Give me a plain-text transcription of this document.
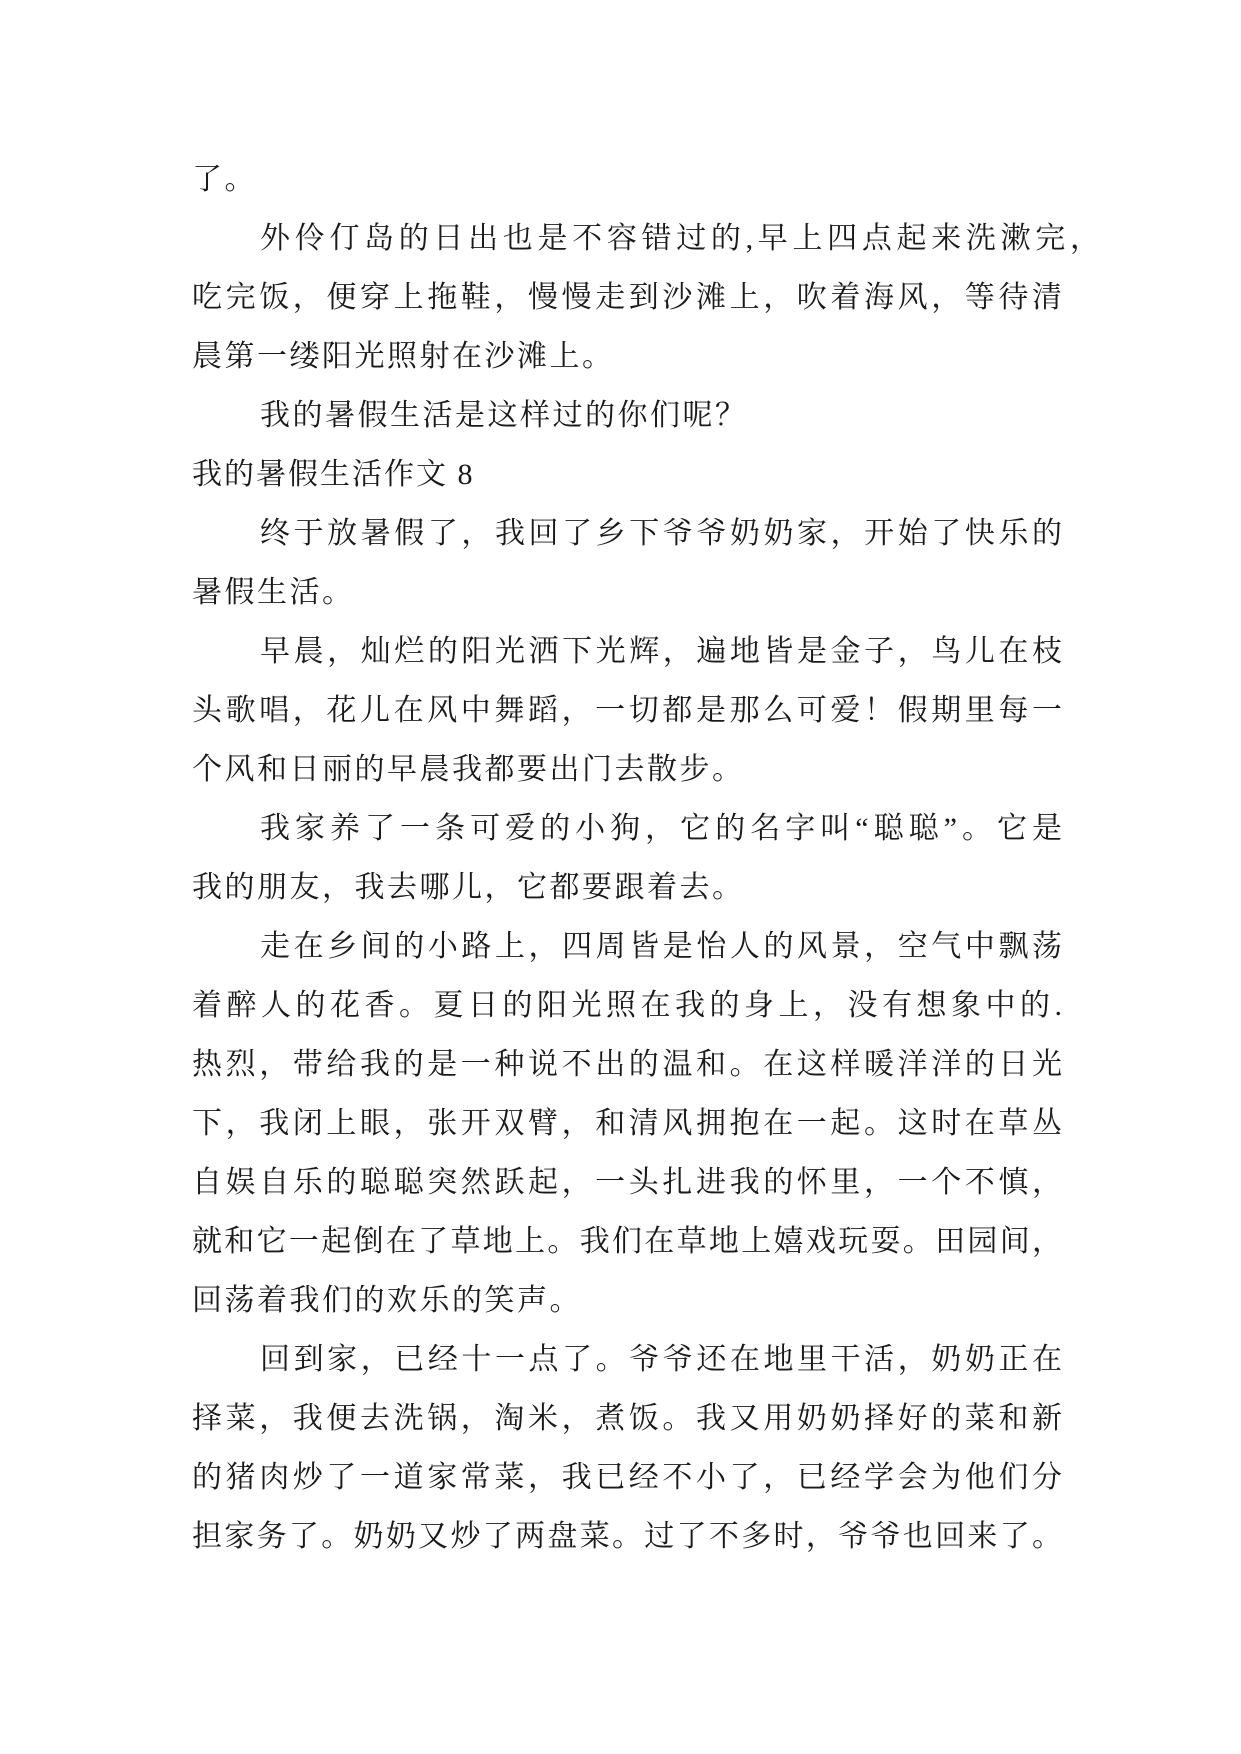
了。
外伶仃岛的日出也是不容错过的,早上四点起来洗漱完，
吃完饭，便穿上拖鞋，慢慢走到沙滩上，吹着海风，等待清
晨第一缕阳光照射在沙滩上。
我的暑假生活是这样过的你们呢？
我的暑假生活作文 8
终于放暑假了，我回了乡下爷爷奶奶家，开始了快乐的
暑假生活。
早晨，灿烂的阳光洒下光辉，遍地皆是金子，鸟儿在枝
头歌唱，花儿在风中舞蹈，一切都是那么可爱！假期里每一
个风和日丽的早晨我都要出门去散步。
我家养了一条可爱的小狗，它的名字叫“聪聪”。它是
我的朋友，我去哪儿，它都要跟着去。
走在乡间的小路上，四周皆是怡人的风景，空气中飘荡
着醉人的花香。夏日的阳光照在我的身上，没有想象中的.
热烈，带给我的是一种说不出的温和。在这样暖洋洋的日光
下，我闭上眼，张开双臂，和清风拥抱在一起。这时在草丛
自娱自乐的聪聪突然跃起，一头扎进我的怀里，一个不慎，
就和它一起倒在了草地上。我们在草地上嬉戏玩耍。田园间，
回荡着我们的欢乐的笑声。
回到家，已经十一点了。爷爷还在地里干活，奶奶正在
择菜，我便去洗锅，淘米，煮饭。我又用奶奶择好的菜和新
的猪肉炒了一道家常菜，我已经不小了，已经学会为他们分
担家务了。奶奶又炒了两盘菜。过了不多时，爷爷也回来了。
